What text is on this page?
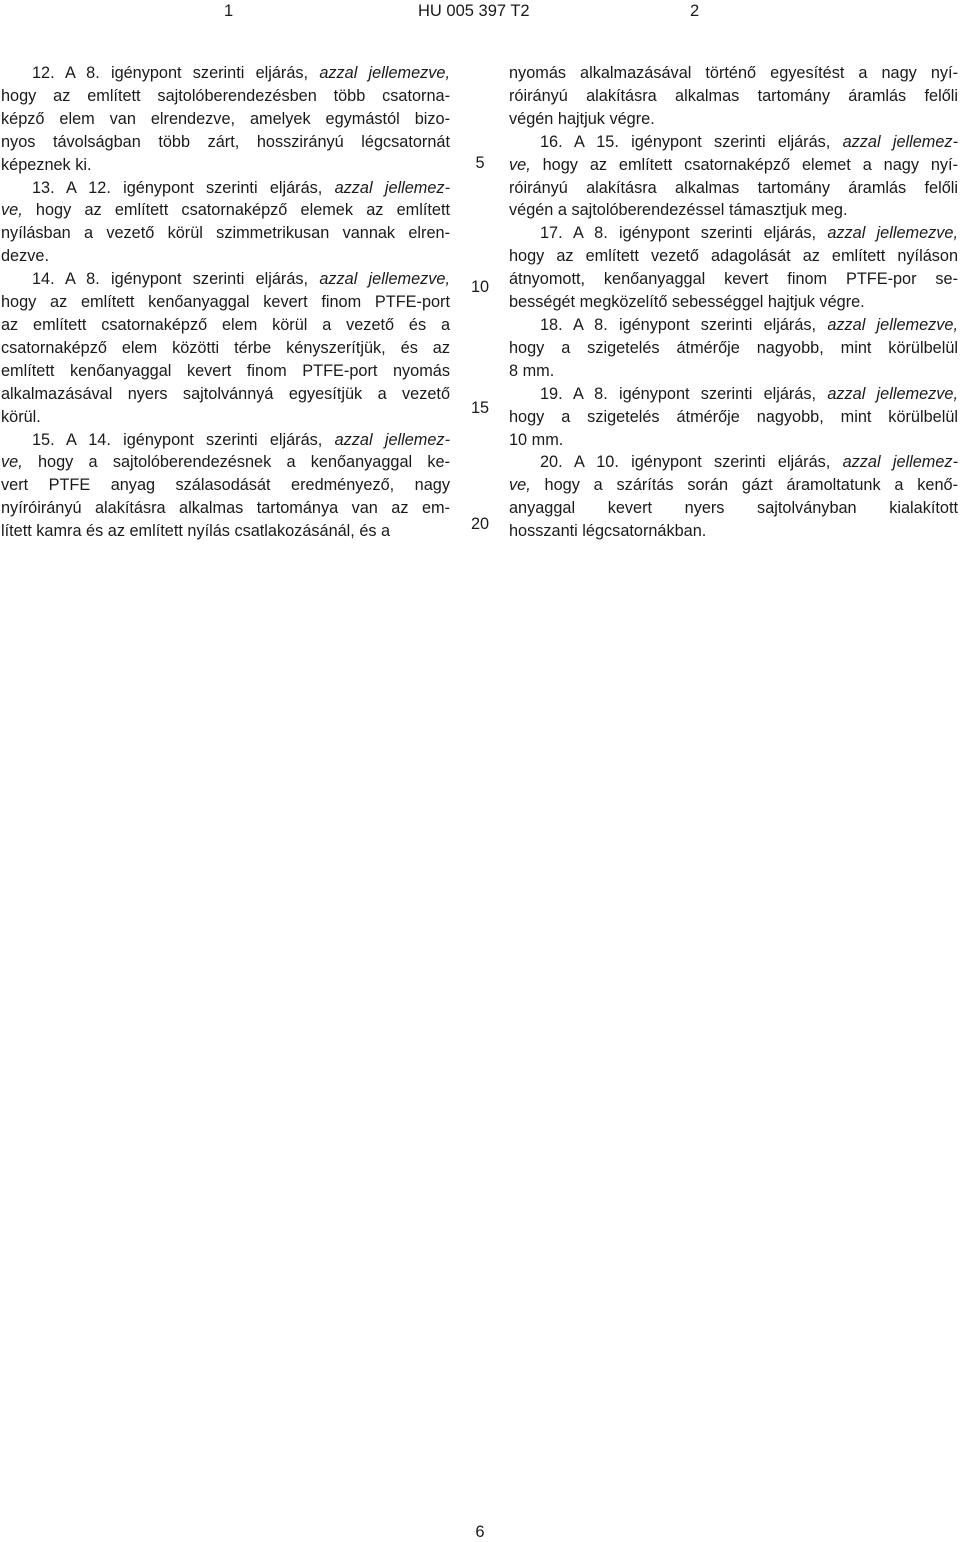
1	HU 005 397 T2	2
12. A 8. igénypont szerinti eljárás, azzal jellemezve,
hogy az említett sajtolóberendezésben több csatorna-
képző elem van elrendezve, amelyek egymástól bizo-
nyos távolságban több zárt, hosszirányú légcsatornát
képeznek ki.
13. A 12. igénypont szerinti eljárás, azzal jellemez-
ve, hogy az említett csatornaképző elemek az említett
nyílásban a vezető körül szimmetrikusan vannak elren-
dezve.
14. A 8. igénypont szerinti eljárás, azzal jellemezve,
hogy az említett kenőanyaggal kevert finom PTFE-port
az említett csatornaképző elem körül a vezető és a
csatornaképző elem közötti térbe kényszerítjük, és az
említett kenőanyaggal kevert finom PTFE-port nyomás
alkalmazásával nyers sajtolvánnyá egyesítjük a vezető
körül.
15. A 14. igénypont szerinti eljárás, azzal jellemez-
ve, hogy a sajtolóberendezésnek a kenőanyaggal ke-
vert PTFE anyag szálasodását eredményező, nagy
nyíróirányú alakításra alkalmas tartománya van az em-
lített kamra és az említett nyílás csatlakozásánál, és a
nyomás alkalmazásával történő egyesítést a nagy nyí-
róirányú alakításra alkalmas tartomány áramlás felőli
végén hajtjuk végre.
16. A 15. igénypont szerinti eljárás, azzal jellemez-
ve, hogy az említett csatornaképző elemet a nagy nyí-
róirányú alakításra alkalmas tartomány áramlás felőli
végén a sajtolóberendezéssel támasztjuk meg.
17. A 8. igénypont szerinti eljárás, azzal jellemezve,
hogy az említett vezető adagolását az említett nyíláson
átnyomott, kenőanyaggal kevert finom PTFE-por se-
bességét megközelítő sebességgel hajtjuk végre.
18. A 8. igénypont szerinti eljárás, azzal jellemezve,
hogy a szigetelés átmérője nagyobb, mint körülbelül
8 mm.
19. A 8. igénypont szerinti eljárás, azzal jellemezve,
hogy a szigetelés átmérője nagyobb, mint körülbelül
10 mm.
20. A 10. igénypont szerinti eljárás, azzal jellemez-
ve, hogy a szárítás során gázt áramoltatunk a kenő-
anyaggal kevert nyers sajtolványban kialakított
hosszanti légcsatornákban.
5
10
15
20
6
